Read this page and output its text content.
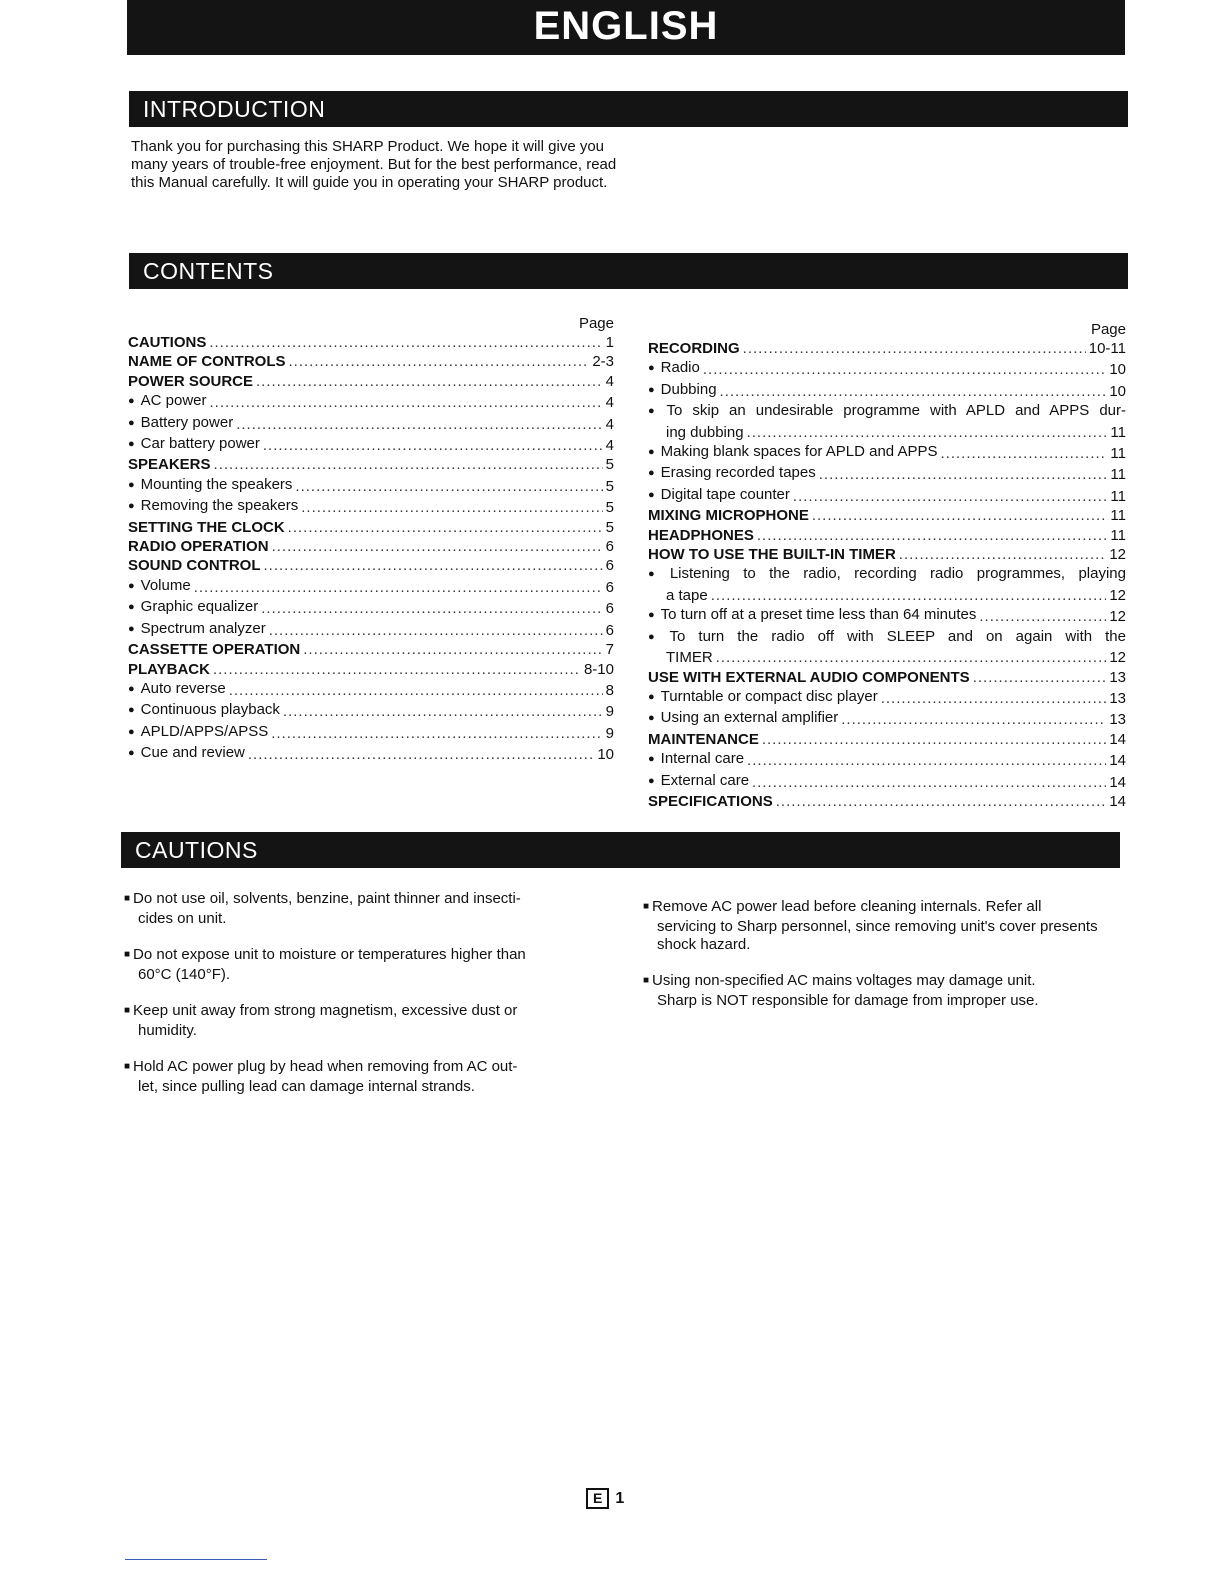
ENGLISH
INTRODUCTION

Thank you for purchasing this SHARP Product. We hope it will give you many years of trouble-free enjoyment. But for the best performance, read this Manual carefully. It will guide you in operating your SHARP product.

CONTENTS
Page
CAUTIONS .....	1
NAME OF CONTROLS .....	2-3
POWER SOURCE .....	4
● AC power .....	4
● Battery power .....	4
● Car battery power .....	4
SPEAKERS .....	5
● Mounting the speakers .....	5
● Removing the speakers .....	5
SETTING THE CLOCK .....	5
RADIO OPERATION .....	6
SOUND CONTROL .....	6
● Volume .....	6
● Graphic equalizer .....	6
● Spectrum analyzer .....	6
CASSETTE OPERATION .....	7
PLAYBACK .....	8-10
● Auto reverse .....	8
● Continuous playback .....	9
● APLD/APPS/APSS .....	9
● Cue and review .....	10
Page
RECORDING .....	10-11
● Radio .....	10
● Dubbing .....	10
● To skip an undesirable programme with APLD and APPS dur-
ing dubbing .....	11
● Making blank spaces for APLD and APPS .....	11
● Erasing recorded tapes .....	11
● Digital tape counter .....	11
MIXING MICROPHONE .....	11
HEADPHONES .....	11
HOW TO USE THE BUILT-IN TIMER .....	12
● Listening to the radio, recording radio programmes, playing
a tape .....	12
● To turn off at a preset time less than 64 minutes .....	12
● To turn the radio off with SLEEP and on again with the
TIMER .....	12
USE WITH EXTERNAL AUDIO COMPONENTS .....	13
● Turntable or compact disc player .....	13
● Using an external amplifier .....	13
MAINTENANCE .....	14
● Internal care .....	14
● External care .....	14
SPECIFICATIONS .....	14
CAUTIONS

■ Do not use oil, solvents, benzine, paint thinner and insecti-
cides on unit.

■ Do not expose unit to moisture or temperatures higher than
60°C (140°F).

■ Keep unit away from strong magnetism, excessive dust or
humidity.

■ Hold AC power plug by head when removing from AC out-
let, since pulling lead can damage internal strands.

■ Remove AC power lead before cleaning internals. Refer all
servicing to Sharp personnel, since removing unit's cover presents shock hazard.

■ Using non-specified AC mains voltages may damage unit.
Sharp is NOT responsible for damage from improper use.

E 1
